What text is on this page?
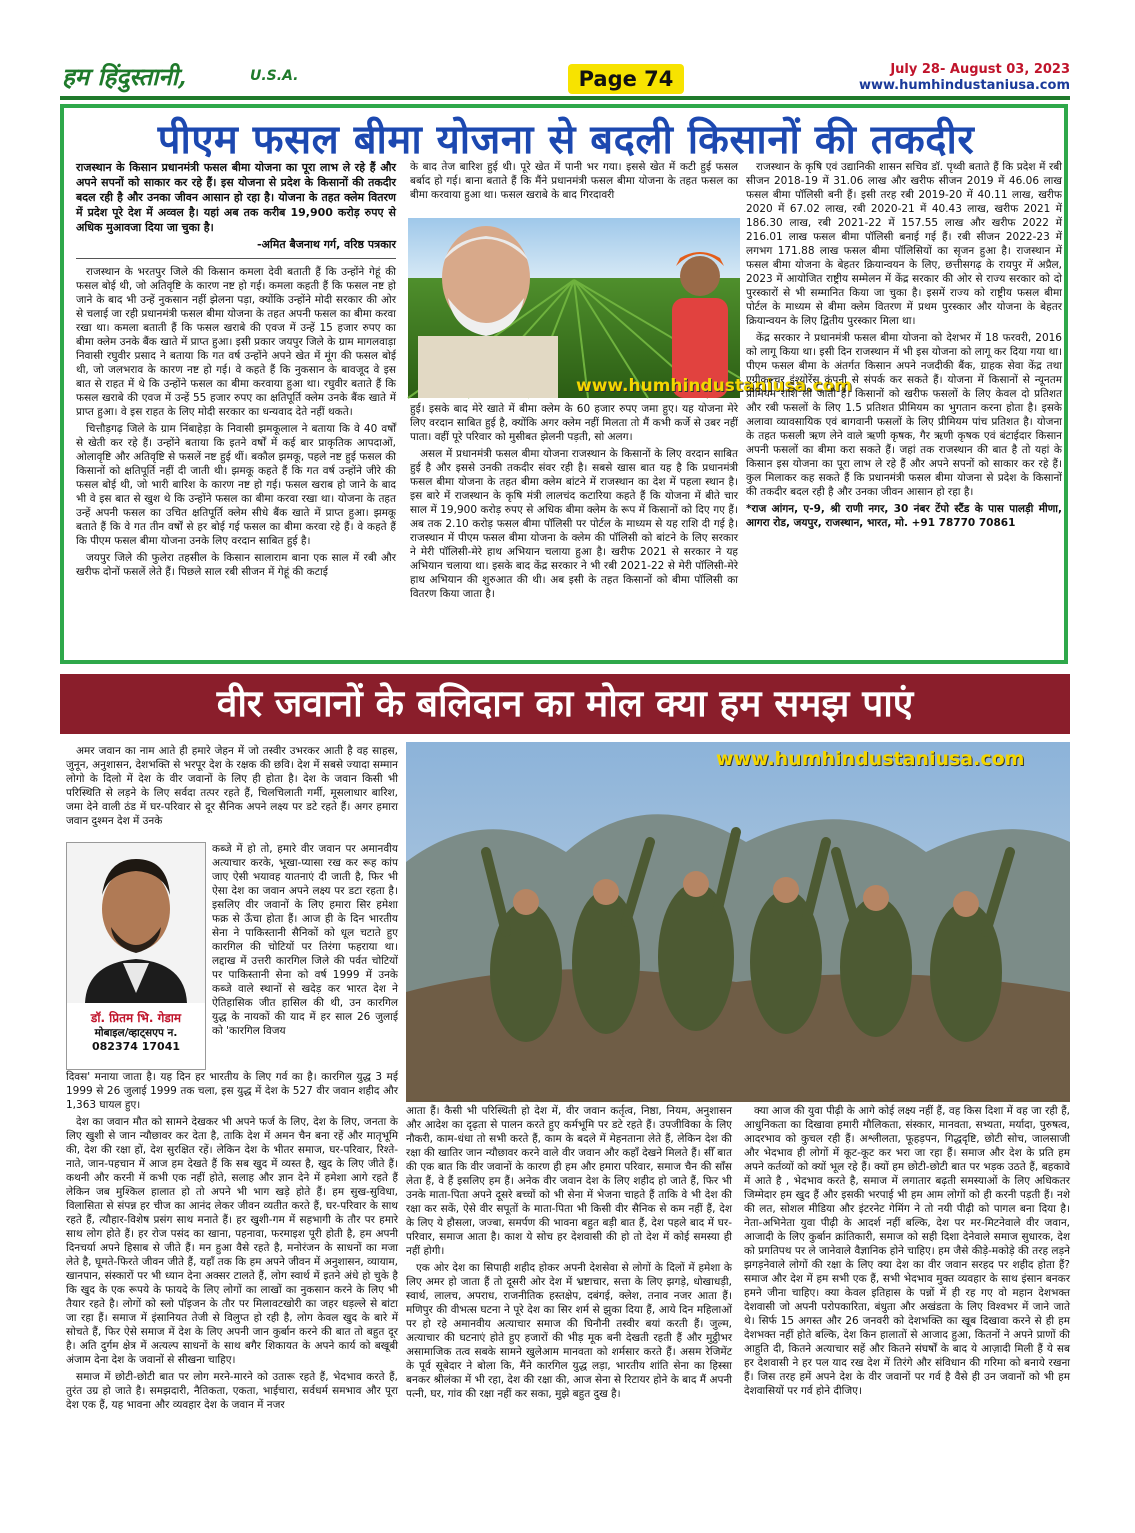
हम हिंदुस्तानी,	U.S.A.	Page 74	July 28- August 03, 2023
www.humhindustaniusa.com
पीएम फसल बीमा योजना से बदली किसानों की तकदीर
राजस्थान के किसान प्रधानमंत्री फसल बीमा योजना का पूरा लाभ ले रहे हैं और अपने सपनों को साकार कर रहे हैं। इस योजना से प्रदेश के किसानों की तकदीर बदल रही है और उनका जीवन आसान हो रहा है। योजना के तहत क्लेम वितरण में प्रदेश पूरे देश में अव्वल है। यहां अब तक करीब 19,900 करोड़ रुपए से अधिक मुआवजा दिया जा चुका है।
-अमित बैजनाथ गर्ग, वरिष्ठ पत्रकार

राजस्थान के भरतपुर जिले की किसान कमला देवी बताती हैं कि उन्होंने गेहूं की फसल बोई थी, जो अतिवृष्टि के कारण नष्ट हो गई। कमला कहती हैं कि फसल नष्ट हो जाने के बाद भी उन्हें नुकसान नहीं झेलना पड़ा, क्योंकि उन्होंने मोदी सरकार की ओर से चलाई जा रही प्रधानमंत्री फसल बीमा योजना के तहत अपनी फसल का बीमा करवा रखा था। कमला बताती हैं कि फसल खराबे की एवज में उन्हें 15 हजार रुपए का बीमा क्लेम उनके बैंक खाते में प्राप्त हुआ। इसी प्रकार जयपुर जिले के ग्राम मागलवाड़ा निवासी रघुवीर प्रसाद ने बताया कि गत वर्ष उन्होंने अपने खेत में मूंग की फसल बोई थी, जो जलभराव के कारण नष्ट हो गई। वे कहते हैं कि नुकसान के बावजूद वे इस बात से राहत में थे कि उन्होंने फसल का बीमा करवाया हुआ था। रघुवीर बताते हैं कि फसल खराबे की एवज में उन्हें 55 हजार रुपए का क्षतिपूर्ति क्लेम उनके बैंक खाते में प्राप्त हुआ। वे इस राहत के लिए मोदी सरकार का धन्यवाद देते नहीं थकते।

चित्तौड़गढ़ जिले के ग्राम निंबाहेड़ा के निवासी झमकूलाल ने बताया कि वे 40 वर्षों से खेती कर रहे हैं। उन्होंने बताया कि इतने वर्षों में कई बार प्राकृतिक आपदाओं, ओलावृष्टि और अतिवृष्टि से फसलें नष्ट हुई थीं। बकौल झमकू, पहले नष्ट हुई फसल की किसानों को क्षतिपूर्ति नहीं दी जाती थी। झमकू कहते हैं कि गत वर्ष उन्होंने जीरे की फसल बोई थी, जो भारी बारिश के कारण नष्ट हो गई। फसल खराब हो जाने के बाद भी वे इस बात से खुश थे कि उन्होंने फसल का बीमा करवा रखा था। योजना के तहत उन्हें अपनी फसल का उचित क्षतिपूर्ति क्लेम सीधे बैंक खाते में प्राप्त हुआ। झमकू बताते हैं कि वे गत तीन वर्षों से हर बोई गई फसल का बीमा करवा रहे हैं। वे कहते हैं कि पीएम फसल बीमा योजना उनके लिए वरदान साबित हुई है।

जयपुर जिले की फुलेरा तहसील के किसान सालाराम बाना एक साल में रबी और खरीफ दोनों फसलें लेते हैं। पिछले साल रबी सीजन में गेहूं की कटाई

के बाद तेज बारिश हुई थी। पूरे खेत में पानी भर गया। इससे खेत में कटी हुई फसल बर्बाद हो गई। बाना बताते हैं कि मैंने प्रधानमंत्री फसल बीमा योजना के तहत फसल का बीमा करवाया हुआ था। फसल खराबे के बाद गिरदावरी

www.humhindustaniusa.com

हुई। इसके बाद मेरे खाते में बीमा क्लेम के 60 हजार रुपए जमा हुए। यह योजना मेरे लिए वरदान साबित हुई है, क्योंकि अगर क्लेम नहीं मिलता तो मैं कभी कर्जे से उबर नहीं पाता। वहीं पूरे परिवार को मुसीबत झेलनी पड़ती, सो अलग।

असल में प्रधानमंत्री फसल बीमा योजना राजस्थान के किसानों के लिए वरदान साबित हुई है और इससे उनकी तकदीर संवर रही है। सबसे खास बात यह है कि प्रधानमंत्री फसल बीमा योजना के तहत बीमा क्लेम बांटने में राजस्थान का देश में पहला स्थान है। इस बारे में राजस्थान के कृषि मंत्री लालचंद कटारिया कहते हैं कि योजना में बीते चार साल में 19,900 करोड़ रुपए से अधिक बीमा क्लेम के रूप में किसानों को दिए गए हैं। अब तक 2.10 करोड़ फसल बीमा पॉलिसी पर पोर्टल के माध्यम से यह राशि दी गई है। राजस्थान में पीएम फसल बीमा योजना के क्लेम की पॉलिसी को बांटने के लिए सरकार ने मेरी पॉलिसी-मेरे हाथ अभियान चलाया हुआ है। खरीफ 2021 से सरकार ने यह अभियान चलाया था। इसके बाद केंद्र सरकार ने भी रबी 2021-22 से मेरी पॉलिसी-मेरे हाथ अभियान की शुरुआत की थी। अब इसी के तहत किसानों को बीमा पॉलिसी का वितरण किया जाता है।

राजस्थान के कृषि एवं उद्यानिकी शासन सचिव डॉ. पृथ्वी बताते हैं कि प्रदेश में रबी सीजन 2018-19 में 31.06 लाख और खरीफ सीजन 2019 में 46.06 लाख फसल बीमा पॉलिसी बनी हैं। इसी तरह रबी 2019-20 में 40.11 लाख, खरीफ 2020 में 67.02 लाख, रबी 2020-21 में 40.43 लाख, खरीफ 2021 में 186.30 लाख, रबी 2021-22 में 157.55 लाख और खरीफ 2022 में 216.01 लाख फसल बीमा पॉलिसी बनाई गई हैं। रबी सीजन 2022-23 में लगभग 171.88 लाख फसल बीमा पॉलिसियों का सृजन हुआ है। राजस्थान में फसल बीमा योजना के बेहतर क्रियान्वयन के लिए, छत्तीसगढ़ के रायपुर में अप्रैल, 2023 में आयोजित राष्ट्रीय सम्मेलन में केंद्र सरकार की ओर से राज्य सरकार को दो पुरस्कारों से भी सम्मानित किया जा चुका है। इसमें राज्य को राष्ट्रीय फसल बीमा पोर्टल के माध्यम से बीमा क्लेम वितरण में प्रथम पुरस्कार और योजना के बेहतर क्रियान्वयन के लिए द्वितीय पुरस्कार मिला था।

केंद्र सरकार ने प्रधानमंत्री फसल बीमा योजना को देशभर में 18 फरवरी, 2016 को लागू किया था। इसी दिन राजस्थान में भी इस योजना को लागू कर दिया गया था। पीएम फसल बीमा के अंतर्गत किसान अपने नजदीकी बैंक, ग्राहक सेवा केंद्र तथा एग्रीकल्चर इंश्योरेंस कंपनी से संपर्क कर सकते हैं। योजना में किसानों से न्यूनतम प्रीमियम राशि ली जाती है। किसानों को खरीफ फसलों के लिए केवल दो प्रतिशत और रबी फसलों के लिए 1.5 प्रतिशत प्रीमियम का भुगतान करना होता है। इसके अलावा व्यावसायिक एवं बागवानी फसलों के लिए प्रीमियम पांच प्रतिशत है। योजना के तहत फसली ऋण लेने वाले ऋणी कृषक, गैर ऋणी कृषक एवं बंटाईदार किसान अपनी फसलों का बीमा करा सकते हैं। जहां तक राजस्थान की बात है तो यहां के किसान इस योजना का पूरा लाभ ले रहे हैं और अपने सपनों को साकार कर रहे हैं। कुल मिलाकर कह सकते हैं कि प्रधानमंत्री फसल बीमा योजना से प्रदेश के किसानों की तकदीर बदल रही है और उनका जीवन आसान हो रहा है।

*राज आंगन, ए-9, श्री राणी नगर, 30 नंबर टेंपो स्टैंड के पास पालड़ी मीणा, आगरा रोड, जयपुर, राजस्थान, भारत, मो. +91 78770 70861

वीर जवानों के बलिदान का मोल क्या हम समझ पाएं

अमर जवान का नाम आते ही हमारे जेहन में जो तस्वीर उभरकर आती है वह साहस, जुनून, अनुशासन, देशभक्ति से भरपूर देश के रक्षक की छवि। देश में सबसे ज्यादा सम्मान लोगो के दिलो में देश के वीर जवानों के लिए ही होता है। देश के जवान किसी भी परिस्थिति से लड़ने के लिए सर्वदा तत्पर रहते हैं, चिलचिलाती गर्मी, मूसलाधार बारिश, जमा देने वाली ठंड में घर-परिवार से दूर सैनिक अपने लक्ष्य पर डटे रहते हैं। अगर हमारा जवान दुश्मन देश में उनके

डॉ. प्रितम भि. गेडाम
मोबाइल/व्हाट्सएप न.
082374 17041

कब्जे में हो तो, हमारे वीर जवान पर अमानवीय अत्याचार करके, भूखा-प्यासा रख कर रूह कांप जाए ऐसी भयावह यातनाएं दी जाती है, फिर भी ऐसा देश का जवान अपने लक्ष्य पर डटा रहता है। इसलिए वीर जवानों के लिए हमारा सिर हमेशा फक्र से ऊँचा होता हैं। आज ही के दिन भारतीय सेना ने पाकिस्तानी सैनिकों को धूल चटाते हुए कारगिल की चोटियों पर तिरंगा फहराया था। लद्दाख में उत्तरी कारगिल जिले की पर्वत चोटियों पर पाकिस्तानी सेना को वर्ष 1999 में उनके कब्जे वाले स्थानों से खदेड़ कर भारत देश ने ऐतिहासिक जीत हासिल की थी, उन कारगिल युद्ध के नायकों की याद में हर साल 26 जुलाई को 'कारगिल विजय

दिवस' मनाया जाता है। यह दिन हर भारतीय के लिए गर्व का है। कारगिल युद्ध 3 मई 1999 से 26 जुलाई 1999 तक चला, इस युद्ध में देश के 527 वीर जवान शहीद और 1,363 घायल हुए।

देश का जवान मौत को सामने देखकर भी अपने फर्ज के लिए, देश के लिए, जनता के लिए खुशी से जान न्यौछावर कर देता है, ताकि देश में अमन चैन बना रहें और मातृभूमि की, देश की रक्षा हों, देश सुरक्षित रहें। लेकिन देश के भीतर समाज, घर-परिवार, रिश्ते-नाते, जान-पहचान में आज हम देखते हैं कि सब खुद में व्यस्त है, खुद के लिए जीते हैं। कथनी और करनी में कभी एक नहीं होते, सलाह और ज्ञान देने में हमेशा आगे रहते हैं लेकिन जब मुश्किल हालात हो तो अपने भी भाग खड़े होते हैं। हम सुख-सुविधा, विलासिता से संपन्न हर चीज का आनंद लेकर जीवन व्यतीत करते हैं, घर-परिवार के साथ रहते हैं, त्यौहार-विशेष प्रसंग साथ मनाते हैं। हर खुशी-गम में सहभागी के तौर पर हमारे साथ लोग होते हैं। हर रोज पसंद का खाना, पहनावा, फरमाइश पूरी होती है, हम अपनी दिनचर्या अपने हिसाब से जीते हैं। मन हुआ वैसे रहते है, मनोरंजन के साधनों का मजा लेते है, घूमते-फिरते जीवन जीते हैं, यहाँ तक कि हम अपने जीवन में अनुशासन, व्यायाम, खानपान, संस्कारों पर भी ध्यान देना अक्सर टालते हैं, लोग स्वार्थ में इतने अंधे हो चुके है कि खुद के एक रूपये के फायदे के लिए लोगों का लाखों का नुकसान करने के लिए भी तैयार रहते है। लोगों को स्लो पॉइजन के तौर पर मिलावटखोरी का जहर धड़ल्ले से बांटा जा रहा हैं। समाज में इंसानियत तेजी से विलुप्त हो रही है, लोग केवल खुद के बारे में सोचते हैं, फिर ऐसे समाज में देश के लिए अपनी जान कुर्बान करने की बात तो बहुत दूर है। अति दुर्गम क्षेत्र में अत्यल्प साधनों के साथ बगैर शिकायत के अपने कार्य को बखूबी अंजाम देना देश के जवानों से सीखना चाहिए।

समाज में छोटी-छोटी बात पर लोग मरने-मारने को उतारू रहते हैं, भेदभाव करते हैं, तुरंत उग्र हो जाते है। समझदारी, नैतिकता, एकता, भाईचारा, सर्वधर्म समभाव और पूरा देश एक हैं, यह भावना और व्यवहार देश के जवान में नजर

www.humhindustaniusa.com

आता हैं। कैसी भी परिस्थिती हो देश में, वीर जवान कर्तृत्व, निष्ठा, नियम, अनुशासन और आदेश का दृढ़ता से पालन करते हुए कर्मभूमि पर डटे रहते हैं। उपजीविका के लिए नौकरी, काम-धंधा तो सभी करते हैं, काम के बदले में मेहनताना लेते हैं, लेकिन देश की रक्षा की खातिर जान न्यौछावर करने वाले वीर जवान और कहाँ देखने मिलते हैं। सीँ बात की एक बात कि वीर जवानों के कारण ही हम और हमारा परिवार, समाज चैन की साँस लेता हैं, वे हैं इसलिए हम हैं। अनेक वीर जवान देश के लिए शहीद हो जाते हैं, फिर भी उनके माता-पिता अपने दूसरे बच्चों को भी सेना में भेजना चाहते हैं ताकि वे भी देश की रक्षा कर सकें, ऐसे वीर सपूतों के माता-पिता भी किसी वीर सैनिक से कम नहीं हैं, देश के लिए ये हौसला, जज्बा, समर्पण की भावना बहुत बड़ी बात हैं, देश पहले बाद में घर-परिवार, समाज आता है। काश ये सोच हर देशवासी की हो तो देश में कोई समस्या ही नहीं होगी।

एक ओर देश का सिपाही शहीद होकर अपनी देशसेवा से लोगों के दिलों में हमेशा के लिए अमर हो जाता हैं तो दूसरी ओर देश में भ्रष्टाचार, सत्ता के लिए झगड़े, धोखाधड़ी, स्वार्थ, लालच, अपराध, राजनीतिक हस्तक्षेप, दबंगई, क्लेश, तनाव नजर आता हैं। मणिपुर की वीभत्स घटना ने पूरे देश का सिर शर्म से झुका दिया हैं, आये दिन महिलाओं पर हो रहे अमानवीय अत्याचार समाज की घिनौनी तस्वीर बयां करती हैं। जुल्म, अत्याचार की घटनाएं होते हुए हजारों की भीड़ मूक बनी देखती रहती हैं और मुट्ठीभर असामाजिक तत्व सबके सामने खुलेआम मानवता को शर्मसार करते हैं। असम रेजिमेंट के पूर्व सूबेदार ने बोला कि, मैंने कारगिल युद्ध लड़ा, भारतीय शांति सेना का हिस्सा बनकर श्रीलंका में भी रहा, देश की रक्षा की, आज सेना से रिटायर होने के बाद मैं अपनी पत्नी, घर, गांव की रक्षा नहीं कर सका, मुझे बहुत दुख है।

क्या आज की युवा पीढ़ी के आगे कोई लक्ष्य नहीं हैं, वह किस दिशा में वह जा रही हैं, आधुनिकता का दिखावा हमारी मौलिकता, संस्कार, मानवता, सभ्यता, मर्यादा, पुरुषत्व, आदरभाव को कुचल रही हैं। अश्लीलता, फूहड़पन, गिद्धदृष्टि, छोटी सोच, जालसाजी और भेदभाव ही लोगों में कूट-कूट कर भरा जा रहा हैं। समाज और देश के प्रति हम अपने कर्तव्यों को क्यों भूल रहे हैं। क्यों हम छोटी-छोटी बात पर भड़क उठते हैं, बहकावे में आते है , भेदभाव करते है, समाज में लगातार बढ़ती समस्याओं के लिए अधिकतर जिम्मेदार हम खुद हैं और इसकी भरपाई भी हम आम लोगों को ही करनी पड़ती हैं। नशे की लत, सोशल मीडिया और इंटरनेट गेमिंग ने तो नयी पीढ़ी को पागल बना दिया है। नेता-अभिनेता युवा पीढ़ी के आदर्श नहीं बल्कि, देश पर मर-मिटनेवाले वीर जवान, आजादी के लिए कुर्बान क्रांतिकारी, समाज को सही दिशा देनेवाले समाज सुधारक, देश को प्रगतिपथ पर ले जानेवाले वैज्ञानिक होने चाहिए। हम जैसे कीड़े-मकोड़े की तरह लड़ने झगड़नेवाले लोगों की रक्षा के लिए क्या देश का वीर जवान सरहद पर शहीद होता हैं? समाज और देश में हम सभी एक हैं, सभी भेदभाव मुक्त व्यवहार के साथ इंसान बनकर हमने जीना चाहिए। क्या केवल इतिहास के पन्नों में ही रह गए वो महान देशभक्त देशवासी जो अपनी परोपकारिता, बंधुता और अखंडता के लिए विश्वभर में जाने जाते थे। सिर्फ 15 अगस्त और 26 जनवरी को देशभक्ति का खूब दिखावा करने से ही हम देशभक्त नहीं होते बल्कि, देश किन हालातों से आजाद हुआ, कितनों ने अपने प्राणों की आहुति दी, कितने अत्याचार सहें और कितने संघर्षों के बाद ये आज़ादी मिली हैं ये सब हर देशवासी ने हर पल याद रख देश में तिरंगे और संविधान की गरिमा को बनाये रखना हैं। जिस तरह हमें अपने देश के वीर जवानों पर गर्व है वैसे ही उन जवानों को भी हम देशवासियों पर गर्व होने दीजिए।
